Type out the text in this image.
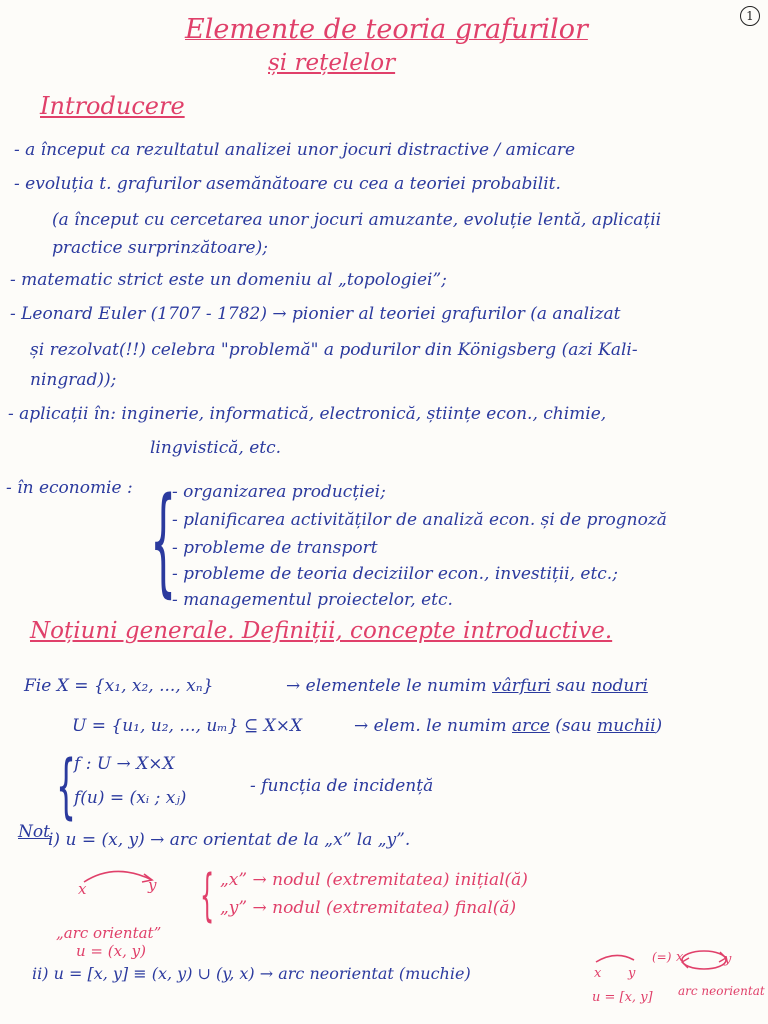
1
Elemente de teoria grafurilor
și rețelelor
Introducere
- a început ca rezultatul analizei unor jocuri distractive / amicare
- evoluția t. grafurilor asemănătoare cu cea a teoriei probabilit.
(a început cu cercetarea unor jocuri amuzante, evoluție lentă, aplicații
practice surprinzătoare);
- matematic strict este un domeniu al „topologiei”;
- Leonard Euler (1707 - 1782) → pionier al teoriei grafurilor (a analizat
și rezolvat(!!) celebra "problemă" a podurilor din Königsberg (azi Kali-
ningrad));
- aplicații în: inginerie, informatică, electronică, științe econ., chimie,
lingvistică, etc.
- în economie : {
- organizarea producției;
- planificarea activităților de analiză econ. și de prognoză
- probleme de transport
- probleme de teoria deciziilor econ., investiții, etc.;
- managementul proiectelor, etc.
Noțiuni generale. Definiții, concepte introductive.
Fie X = {x₁, x₂, ..., xₙ}	→ elementele le numim vârfuri sau noduri
U = {u₁, u₂, ..., uₘ} ⊆ X×X	→ elem. le numim arce (sau muchii)
{
f : U → X×X
f(u) = (xᵢ ; xⱼ)
- funcția de incidență
Not
i) u = (x, y) → arc orientat de la „x” la „y”.
x	y
„arc orientat”
u = (x, y)
{ „x” → nodul (extremitatea) inițial(ă)
„y” → nodul (extremitatea) final(ă)
ii) u = [x, y] ≡ (x, y) ∪ (y, x) → arc neorientat (muchie)	x y
(=) x	y
u = [x, y] arc neorientat
